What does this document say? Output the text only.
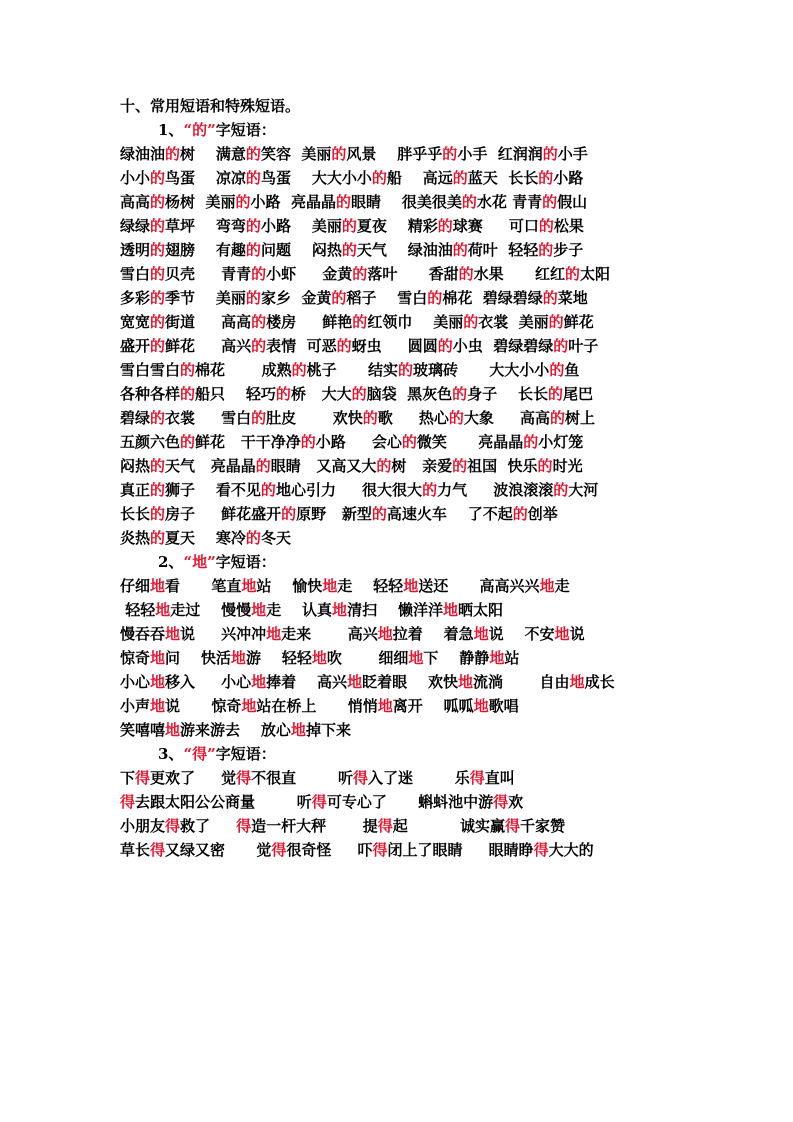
十、常用短语和特殊短语。
1、“的”字短语：
绿油油的树    满意的笑容  美丽的风景    胖乎乎的小手  红润润的小手
小小的鸟蛋    凉凉的鸟蛋    大大小小的船    高远的蓝天  长长的小路
高高的杨树  美丽的小路  亮晶晶的眼睛    很美很美的水花 青青的假山
绿绿的草坪    弯弯的小路    美丽的夏夜    精彩的球赛     可口的松果
透明的翅膀    有趣的问题    闷热的天气    绿油油的荷叶  轻轻的步子
雪白的贝壳     青青的小虾     金黄的落叶      香甜的水果      红红的太阳
多彩的季节    美丽的家乡  金黄的稻子    雪白的棉花  碧绿碧绿的菜地
宽宽的街道     高高的楼房     鲜艳的红领巾    美丽的衣裳  美丽的鲜花
盛开的鲜花     高兴的表情  可恶的蚜虫     圆圆的小虫  碧绿碧绿的叶子
雪白雪白的棉花       成熟的桃子      结实的玻璃砖      大大小小的鱼
各种各样的船只    轻巧的桥   大大的脑袋  黑灰色的身子    长长的尾巴
碧绿的衣裳     雪白的肚皮       欢快的歌     热心的大象     高高的树上
五颜六色的鲜花   干干净净的小路     会心的微笑      亮晶晶的小灯笼
闷热的天气   亮晶晶的眼睛   又高又大的树   亲爱的祖国  快乐的时光
真正的狮子    看不见的地心引力     很大很大的力气     波浪滚滚的大河
长长的房子     鲜花盛开的原野   新型的高速火车    了不起的创举
炎热的夏天    寒冷的冬天
2、“地”字短语：
仔细地看      笔直地站    愉快地走    轻轻地送还      高高兴兴地走
轻轻地走过    慢慢地走    认真地清扫    懒洋洋地晒太阳
慢吞吞地说     兴冲冲地走来       高兴地拉着    着急地说    不安地说
惊奇地问    快活地游    轻轻地吹       细细地下    静静地站
小心地移入     小心地捧着    高兴地眨着眼    欢快地流淌       自由地成长
小声地说      惊奇地站在桥上      悄悄地离开    呱呱地歌唱
笑嘻嘻地游来游去    放心地掉下来
3、“得”字短语：
下得更欢了     觉得不很直        听得入了迷        乐得直叫
得去跟太阳公公商量        听得可专心了      蝌蚪池中游得欢
小朋友得救了     得造一杆大秤       提得起          诚实赢得千家赞
草长得又绿又密      觉得很奇怪     吓得闭上了眼睛     眼睛睁得大大的
